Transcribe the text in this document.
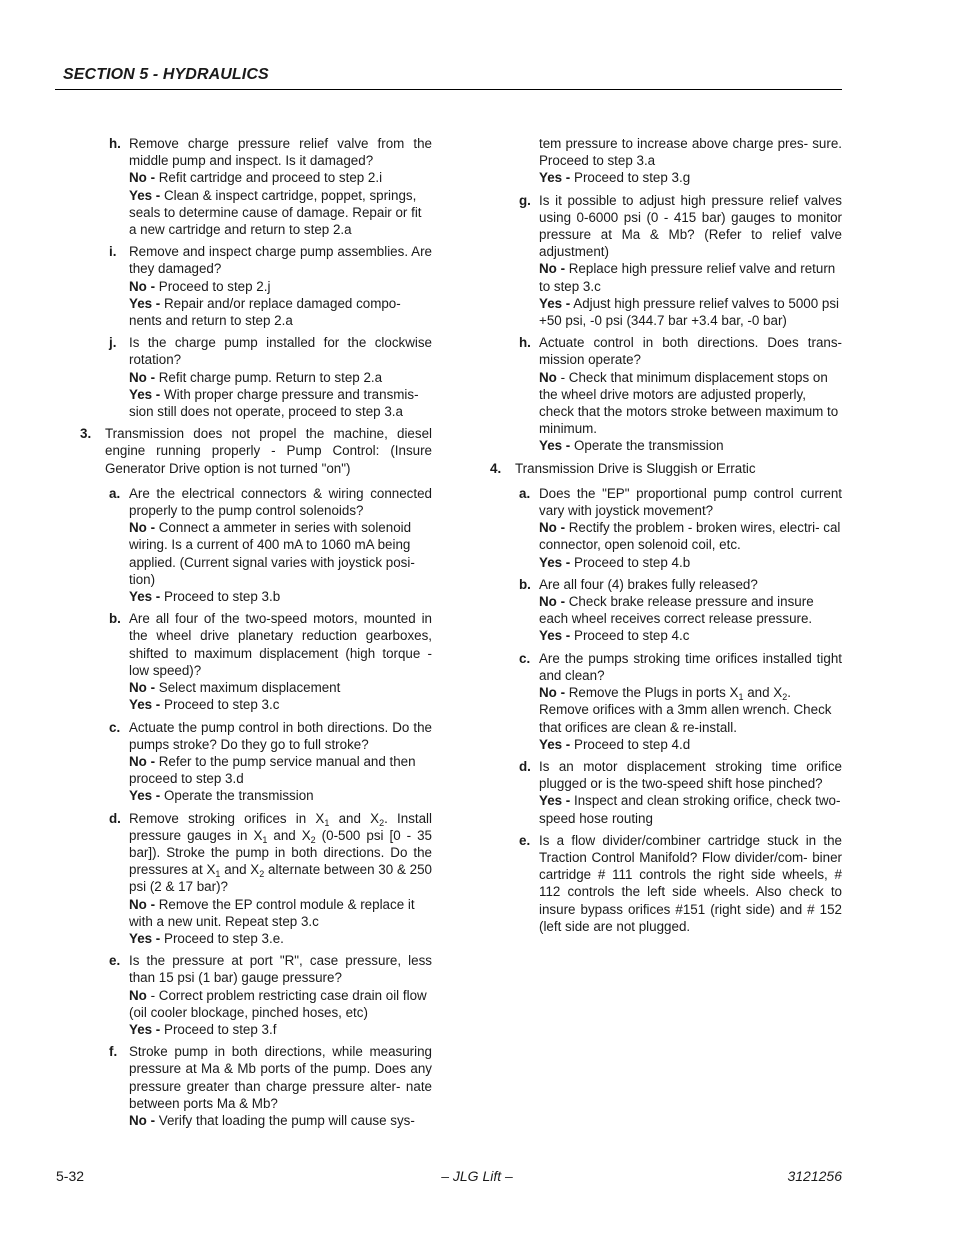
SECTION 5 - HYDRAULICS
h. Remove charge pressure relief valve from the middle pump and inspect. Is it damaged?
No - Refit cartridge and proceed to step 2.i
Yes - Clean & inspect cartridge, poppet, springs, seals to determine cause of damage. Repair or fit a new cartridge and return to step 2.a
i. Remove and inspect charge pump assemblies. Are they damaged?
No - Proceed to step 2.j
Yes - Repair and/or replace damaged compo- nents and return to step 2.a
j. Is the charge pump installed for the clockwise rotation?
No - Refit charge pump. Return to step 2.a
Yes - With proper charge pressure and transmis- sion still does not operate, proceed to step 3.a
3. Transmission does not propel the machine, diesel engine running properly - Pump Control: (Insure Generator Drive option is not turned "on")
a. Are the electrical connectors & wiring connected properly to the pump control solenoids?
No - Connect a ammeter in series with solenoid wiring. Is a current of 400 mA to 1060 mA being applied. (Current signal varies with joystick posi- tion)
Yes - Proceed to step 3.b
b. Are all four of the two-speed motors, mounted in the wheel drive planetary reduction gearboxes, shifted to maximum displacement (high torque - low speed)?
No - Select maximum displacement
Yes - Proceed to step 3.c
c. Actuate the pump control in both directions. Do the pumps stroke? Do they go to full stroke?
No - Refer to the pump service manual and then proceed to step 3.d
Yes - Operate the transmission
d. Remove stroking orifices in $X_1$ and $X_2$. Install pressure gauges in $X_1$ and $X_2$ (0-500 psi [0 - 35 bar]). Stroke the pump in both directions. Do the pressures at $X_1$ and $X_2$ alternate between 30 & 250 psi (2 & 17 bar)?
No - Remove the EP control module & replace it with a new unit. Repeat step 3.c
Yes - Proceed to step 3.e.
e. Is the pressure at port "R", case pressure, less than 15 psi (1 bar) gauge pressure?
No - Correct problem restricting case drain oil flow (oil cooler blockage, pinched hoses, etc)
Yes - Proceed to step 3.f
f. Stroke pump in both directions, while measuring pressure at Ma & Mb ports of the pump. Does any pressure greater than charge pressure alter- nate between ports Ma & Mb?
No - Verify that loading the pump will cause sys-
tem pressure to increase above charge pres- sure. Proceed to step 3.a
Yes - Proceed to step 3.g
g. Is it possible to adjust high pressure relief valves using 0-6000 psi (0 - 415 bar) gauges to monitor pressure at Ma & Mb? (Refer to relief valve adjustment)
No - Replace high pressure relief valve and return to step 3.c
Yes - Adjust high pressure relief valves to 5000 psi +50 psi, -0 psi (344.7 bar +3.4 bar, -0 bar)
h. Actuate control in both directions. Does trans- mission operate?
No - Check that minimum displacement stops on the wheel drive motors are adjusted properly, check that the motors stroke between maximum to minimum.
Yes - Operate the transmission
4. Transmission Drive is Sluggish or Erratic
a. Does the "EP" proportional pump control current vary with joystick movement?
No - Rectify the problem - broken wires, electri- cal connector, open solenoid coil, etc.
Yes - Proceed to step 4.b
b. Are all four (4) brakes fully released?
No - Check brake release pressure and insure each wheel receives correct release pressure.
Yes - Proceed to step 4.c
c. Are the pumps stroking time orifices installed tight and clean?
No - Remove the Plugs in ports $X_1$ and $X_2$. Remove orifices with a 3mm allen wrench. Check that orifices are clean & re-install.
Yes - Proceed to step 4.d
d. Is an motor displacement stroking time orifice plugged or is the two-speed shift hose pinched?
Yes - Inspect and clean stroking orifice, check two-speed hose routing
e. Is a flow divider/combiner cartridge stuck in the Traction Control Manifold? Flow divider/com- biner cartridge # 111 controls the right side wheels, # 112 controls the left side wheels. Also check to insure bypass orifices #151 (right side) and # 152 (left side are not plugged.
5-32	– JLG Lift –	3121256
